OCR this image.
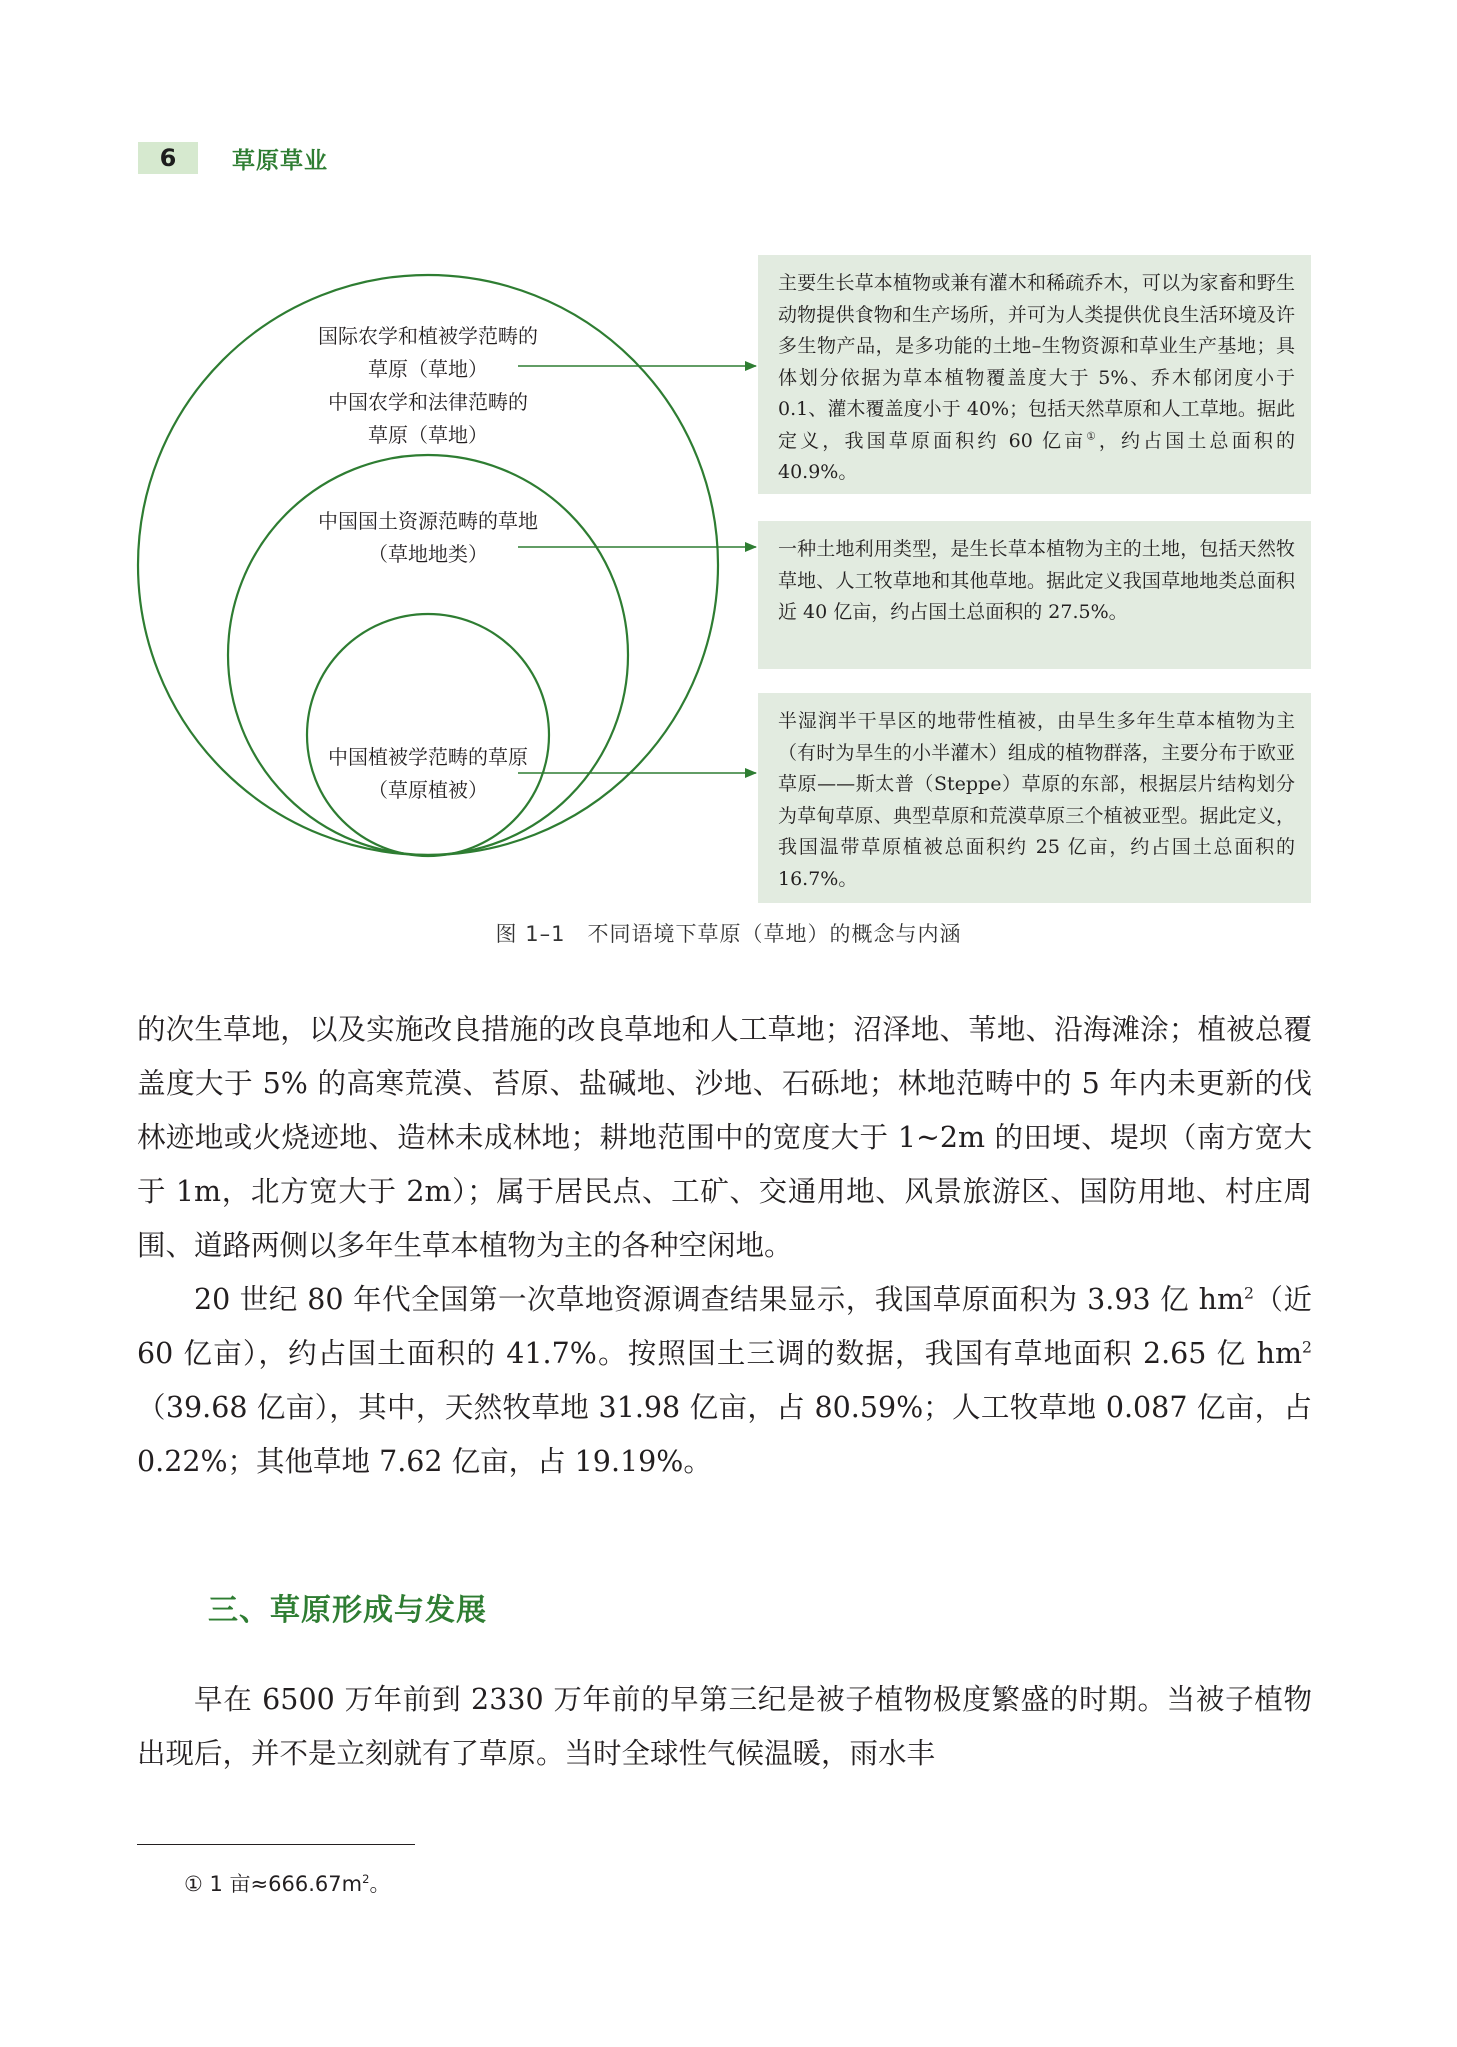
6	草原草业
国际农学和植被学范畴的
草原（草地）
中国农学和法律范畴的
草原（草地）
中国国土资源范畴的草地
（草地地类）
中国植被学范畴的草原
（草原植被）
主要生长草本植物或兼有灌木和稀疏乔木，可以为家畜和野生动物提供食物和生产场所，并可为人类提供优良生活环境及许多生物产品，是多功能的土地–生物资源和草业生产基地；具体划分依据为草本植物覆盖度大于 5%、乔木郁闭度小于 0.1、灌木覆盖度小于 40%；包括天然草原和人工草地。据此定义，我国草原面积约 60 亿亩①，约占国土总面积的 40.9%。
一种土地利用类型，是生长草本植物为主的土地，包括天然牧草地、人工牧草地和其他草地。据此定义我国草地地类总面积近 40 亿亩，约占国土总面积的 27.5%。
半湿润半干旱区的地带性植被，由旱生多年生草本植物为主（有时为旱生的小半灌木）组成的植物群落，主要分布于欧亚草原——斯太普（Steppe）草原的东部，根据层片结构划分为草甸草原、典型草原和荒漠草原三个植被亚型。据此定义，我国温带草原植被总面积约 25 亿亩，约占国土总面积的 16.7%。
图 1–1　不同语境下草原（草地）的概念与内涵

的次生草地，以及实施改良措施的改良草地和人工草地；沼泽地、苇地、沿海滩涂；植被总覆盖度大于 5% 的高寒荒漠、苔原、盐碱地、沙地、石砾地；林地范畴中的 5 年内未更新的伐林迹地或火烧迹地、造林未成林地；耕地范围中的宽度大于 1~2m 的田埂、堤坝（南方宽大于 1m，北方宽大于 2m）；属于居民点、工矿、交通用地、风景旅游区、国防用地、村庄周围、道路两侧以多年生草本植物为主的各种空闲地。

20 世纪 80 年代全国第一次草地资源调查结果显示，我国草原面积为 3.93 亿 $hm^2$（近 60 亿亩），约占国土面积的 41.7%。按照国土三调的数据，我国有草地面积 2.65 亿 $hm^2(39.68$ 亿亩），其中，天然牧草地 31.98 亿亩，占 80.59%；人工牧草地 0.087 亿亩，占 0.22%；其他草地 7.62 亿亩，占 19.19%。

三、草原形成与发展

早在 6500 万年前到 2330 万年前的早第三纪是被子植物极度繁盛的时期。当被子植物出现后，并不是立刻就有了草原。当时全球性气候温暖，雨水丰

① 1 亩$\approx 666.67m^2$。
